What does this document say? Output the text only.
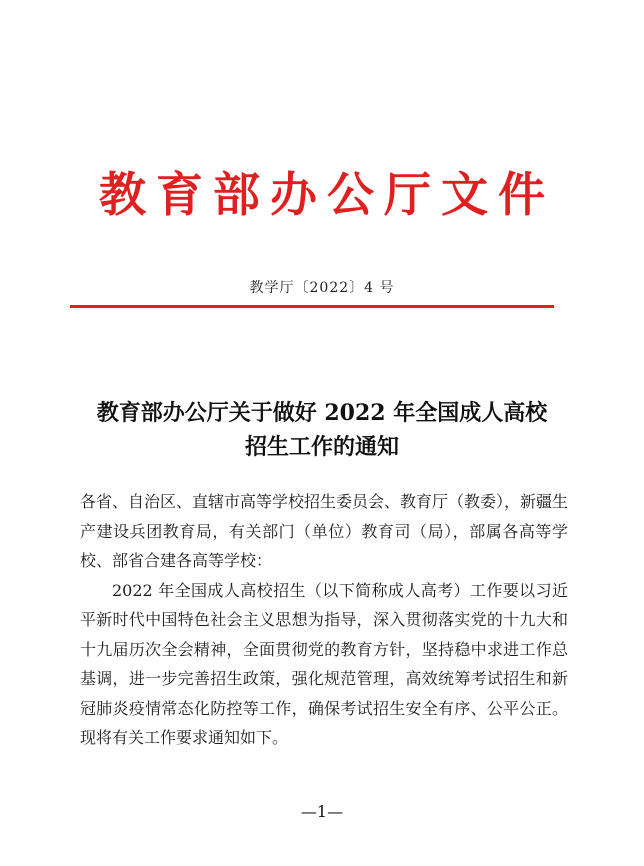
教育部办公厅文件
教学厅〔2022〕4 号
教育部办公厅关于做好 2022 年全国成人高校
招生工作的通知

各省、自治区、直辖市高等学校招生委员会、教育厅（教委），新疆生产建设兵团教育局，有关部门（单位）教育司（局），部属各高等学校、部省合建各高等学校：

2022 年全国成人高校招生（以下简称成人高考）工作要以习近平新时代中国特色社会主义思想为指导，深入贯彻落实党的十九大和十九届历次全会精神，全面贯彻党的教育方针，坚持稳中求进工作总基调，进一步完善招生政策，强化规范管理，高效统筹考试招生和新冠肺炎疫情常态化防控等工作，确保考试招生安全有序、公平公正。现将有关工作要求通知如下。

—1—
